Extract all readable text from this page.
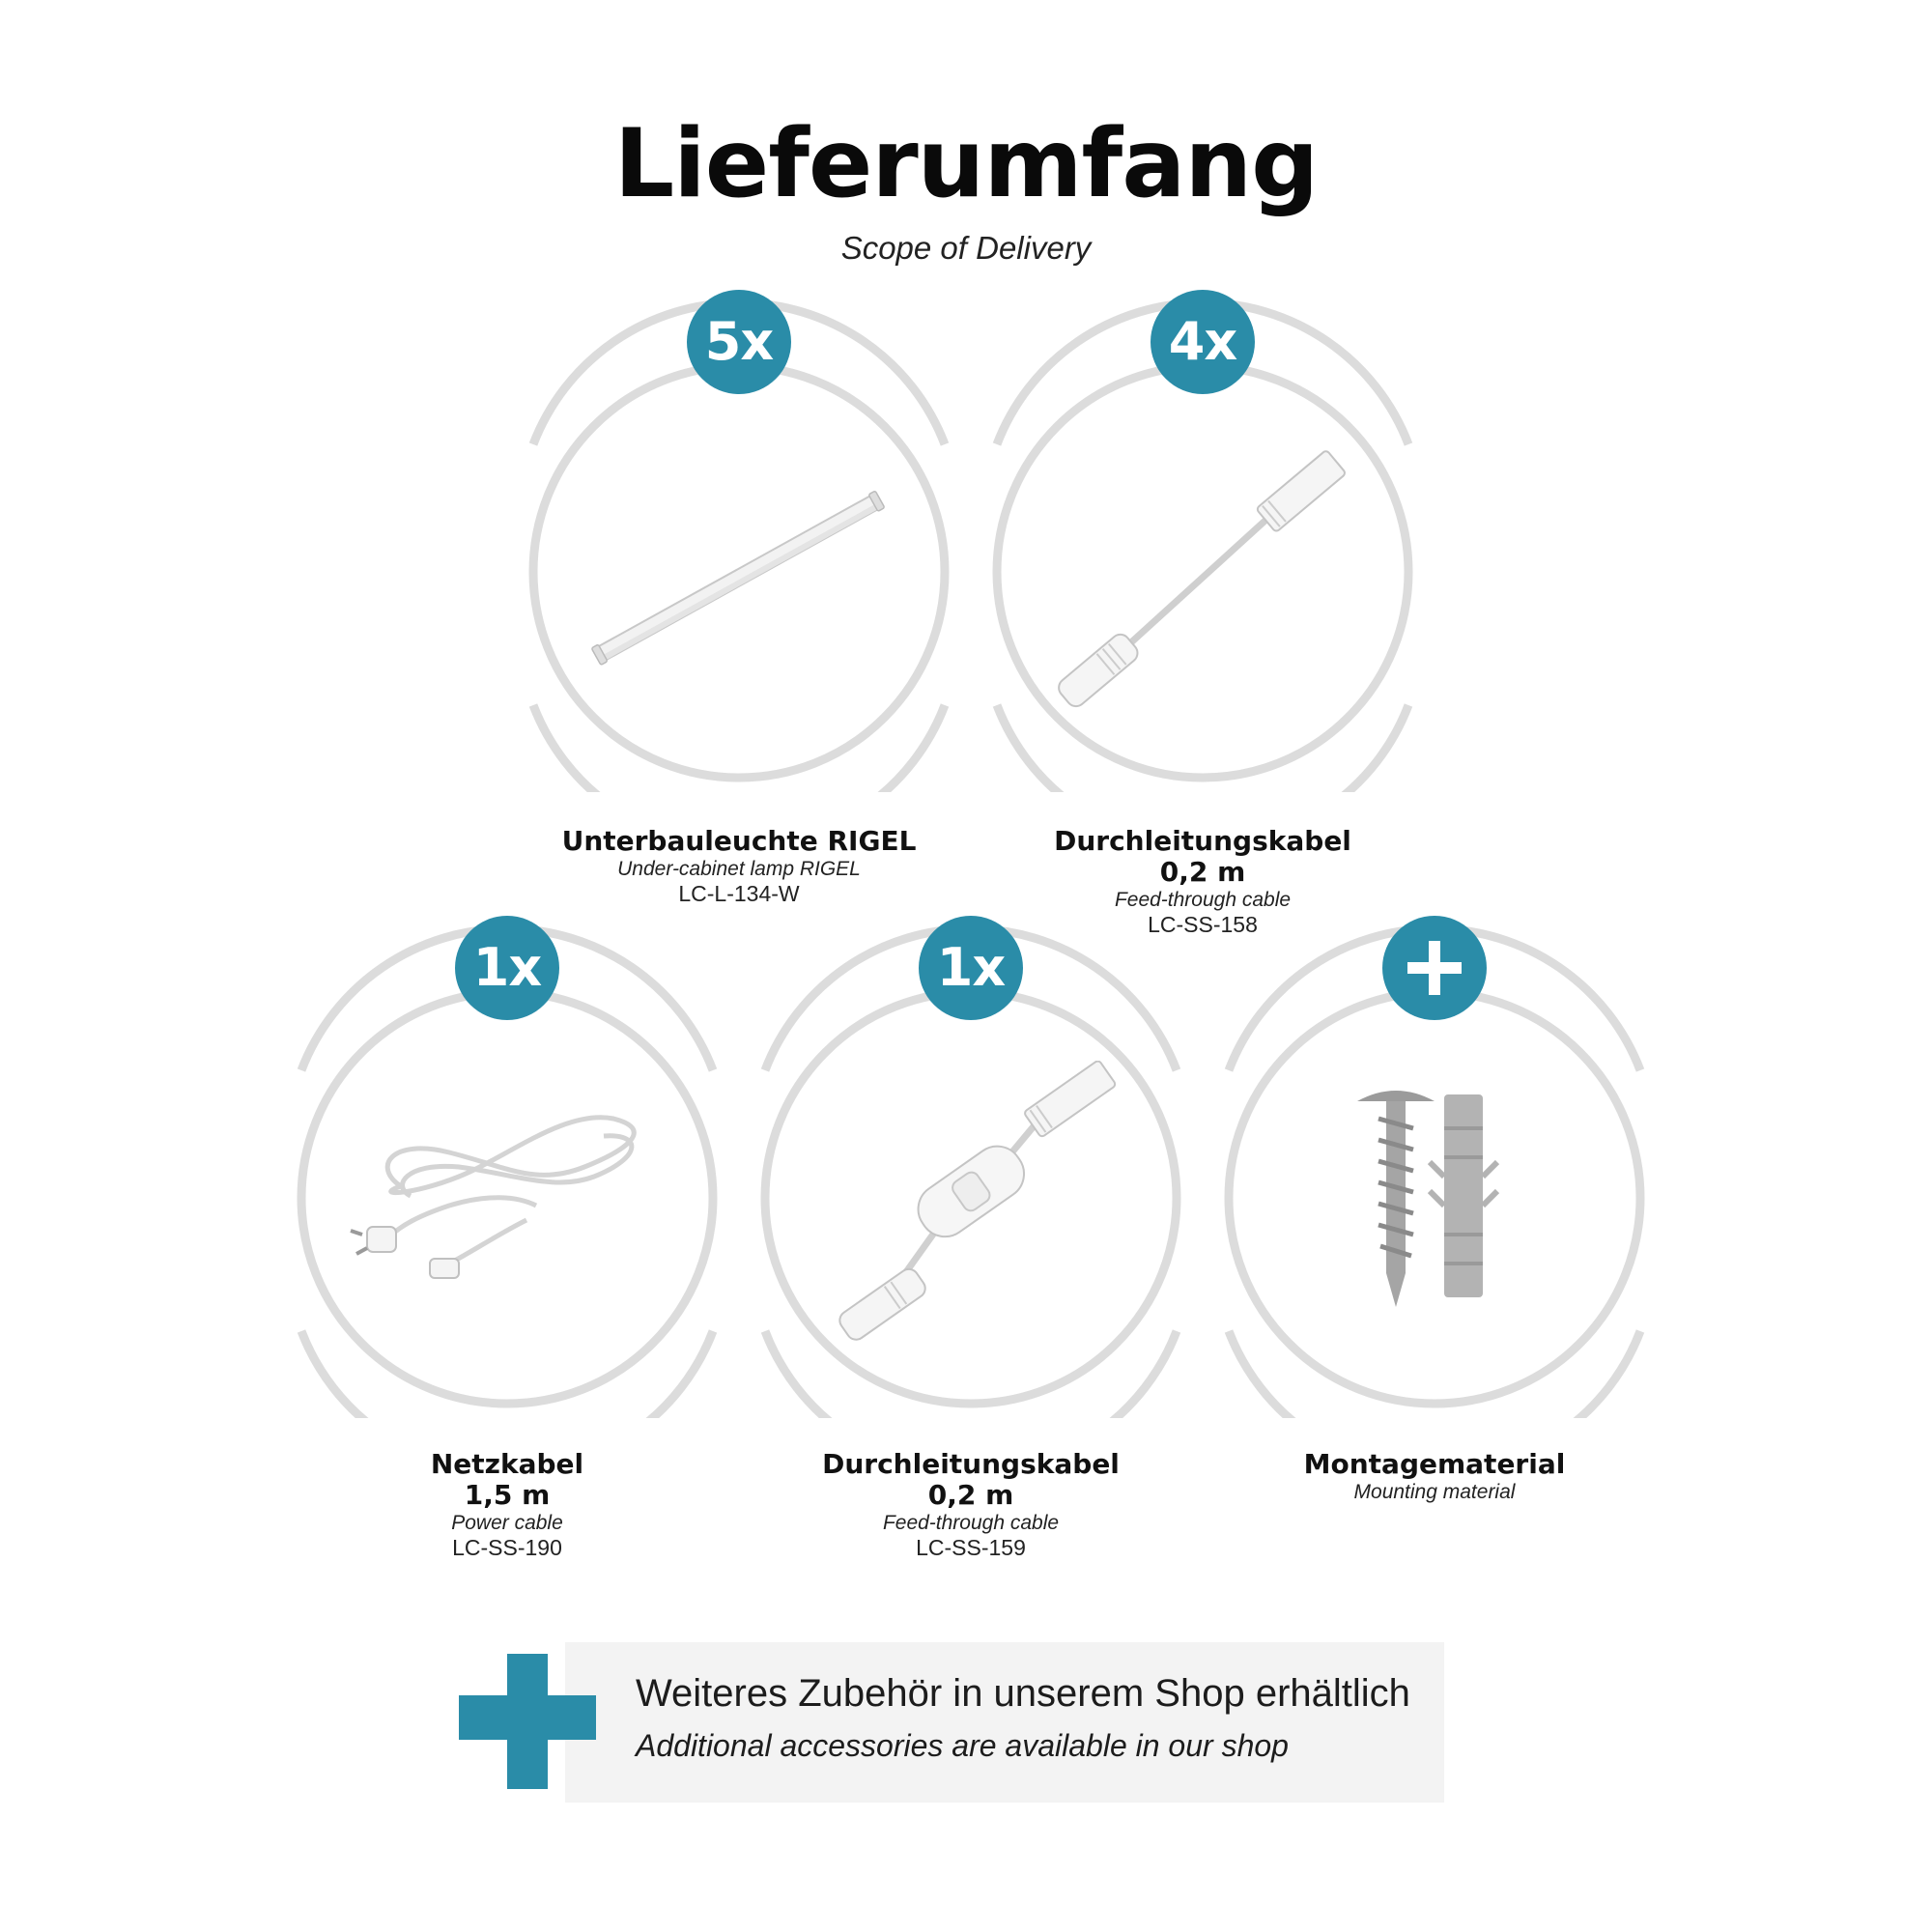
Lieferumfang
Scope of Delivery
5x
Unterbauleuchte RIGEL
Under-cabinet lamp RIGEL
LC-L-134-W
4x
Durchleitungskabel
0,2 m
Feed-through cable
LC-SS-158
1x
Netzkabel
1,5 m
Power cable
LC-SS-190
1x
Durchleitungskabel
0,2 m
Feed-through cable
LC-SS-159
Montagematerial
Mounting material
Weiteres Zubehör in unserem Shop erhältlich
Additional accessories are available in our shop
